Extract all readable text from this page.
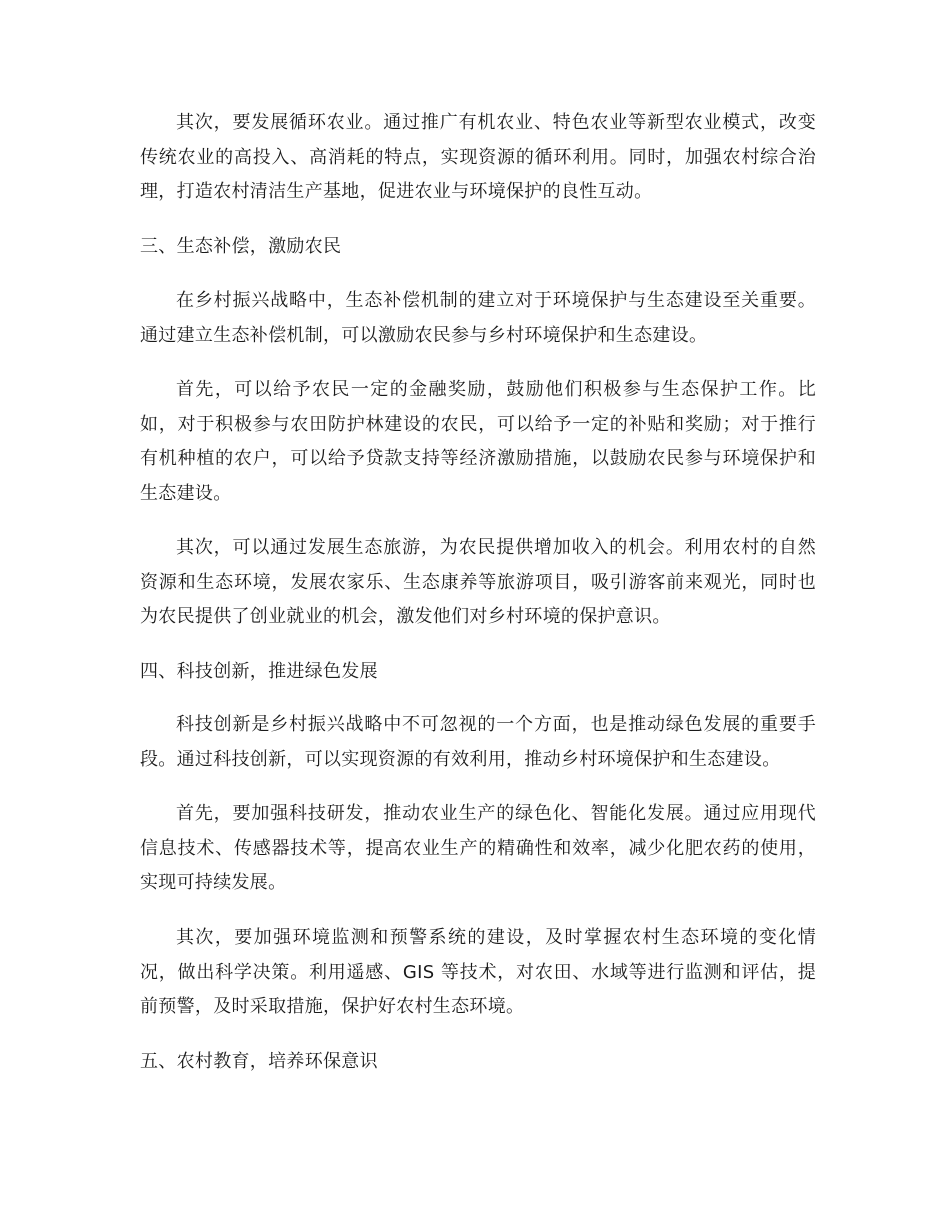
其次，要发展循环农业。通过推广有机农业、特色农业等新型农业模式，改变传统农业的高投入、高消耗的特点，实现资源的循环利用。同时，加强农村综合治理，打造农村清洁生产基地，促进农业与环境保护的良性互动。

三、生态补偿，激励农民

在乡村振兴战略中，生态补偿机制的建立对于环境保护与生态建设至关重要。通过建立生态补偿机制，可以激励农民参与乡村环境保护和生态建设。

首先，可以给予农民一定的金融奖励，鼓励他们积极参与生态保护工作。比如，对于积极参与农田防护林建设的农民，可以给予一定的补贴和奖励；对于推行有机种植的农户，可以给予贷款支持等经济激励措施，以鼓励农民参与环境保护和生态建设。

其次，可以通过发展生态旅游，为农民提供增加收入的机会。利用农村的自然资源和生态环境，发展农家乐、生态康养等旅游项目，吸引游客前来观光，同时也为农民提供了创业就业的机会，激发他们对乡村环境的保护意识。

四、科技创新，推进绿色发展

科技创新是乡村振兴战略中不可忽视的一个方面，也是推动绿色发展的重要手段。通过科技创新，可以实现资源的有效利用，推动乡村环境保护和生态建设。

首先，要加强科技研发，推动农业生产的绿色化、智能化发展。通过应用现代信息技术、传感器技术等，提高农业生产的精确性和效率，减少化肥农药的使用，实现可持续发展。

其次，要加强环境监测和预警系统的建设，及时掌握农村生态环境的变化情况，做出科学决策。利用遥感、GIS 等技术，对农田、水域等进行监测和评估，提前预警，及时采取措施，保护好农村生态环境。

五、农村教育，培养环保意识
